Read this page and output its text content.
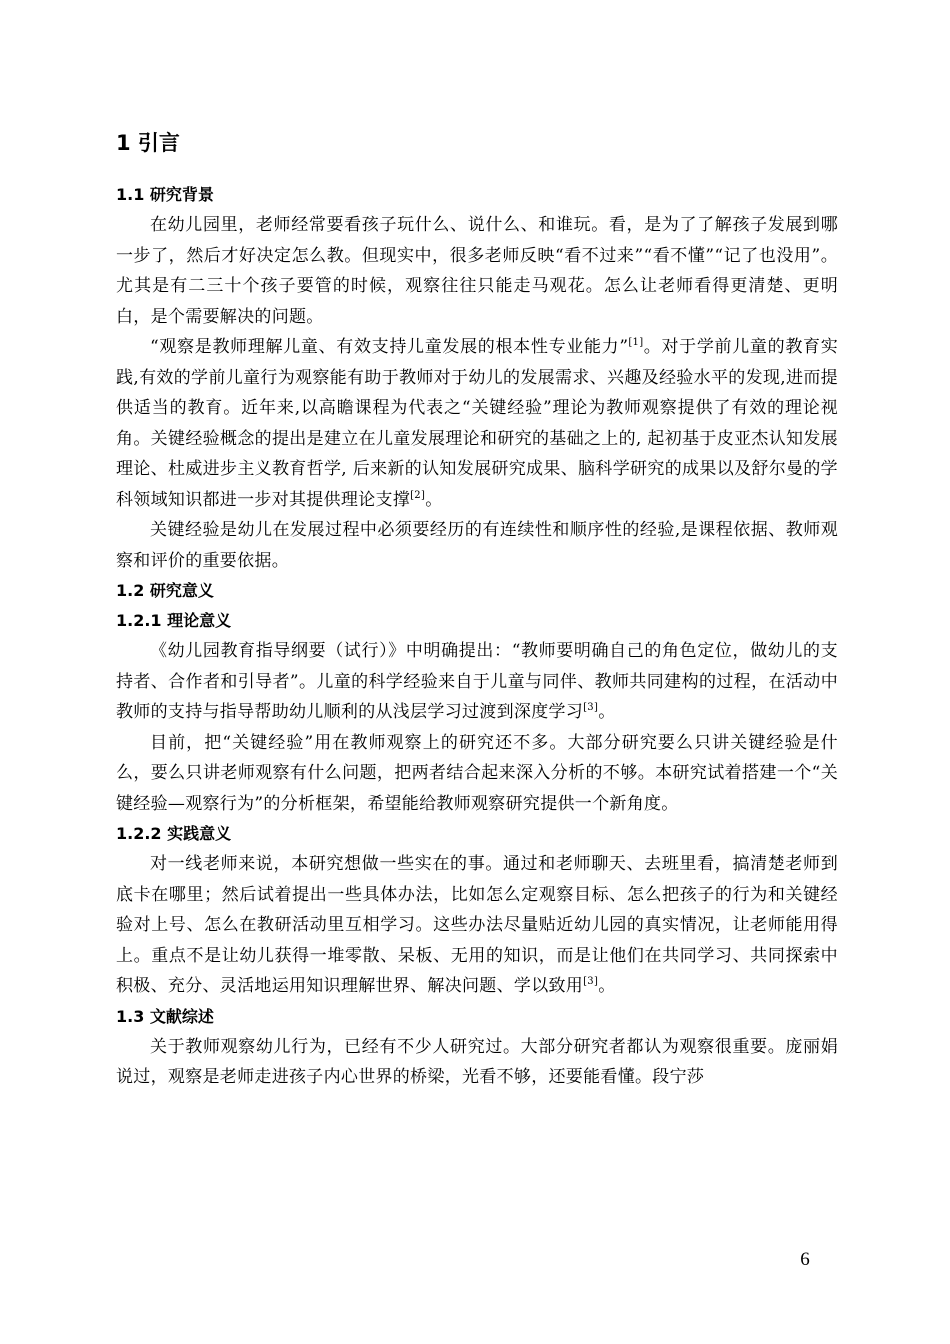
1 引言
1.1 研究背景

在幼儿园里，老师经常要看孩子玩什么、说什么、和谁玩。看，是为了了解孩子发展到哪一步了，然后才好决定怎么教。但现实中，很多老师反映“看不过来”“看不懂”“记了也没用”。尤其是有二三十个孩子要管的时候，观察往往只能走马观花。怎么让老师看得更清楚、更明白，是个需要解决的问题。

“观察是教师理解儿童、有效支持儿童发展的根本性专业能力”[1]。对于学前儿童的教育实践,有效的学前儿童行为观察能有助于教师对于幼儿的发展需求、兴趣及经验水平的发现,进而提供适当的教育。近年来,以高瞻课程为代表之“关键经验”理论为教师观察提供了有效的理论视角。关键经验概念的提出是建立在儿童发展理论和研究的基础之上的, 起初基于皮亚杰认知发展理论、杜威进步主义教育哲学, 后来新的认知发展研究成果、脑科学研究的成果以及舒尔曼的学科领域知识都进一步对其提供理论支撑[2]。

关键经验是幼儿在发展过程中必须要经历的有连续性和顺序性的经验,是课程依据、教师观察和评价的重要依据。

1.2 研究意义
1.2.1 理论意义

《幼儿园教育指导纲要（试行）》中明确提出：“教师要明确自己的角色定位，做幼儿的支持者、合作者和引导者”。儿童的科学经验来自于儿童与同伴、教师共同建构的过程，在活动中教师的支持与指导帮助幼儿顺利的从浅层学习过渡到深度学习[3]。

目前，把“关键经验”用在教师观察上的研究还不多。大部分研究要么只讲关键经验是什么，要么只讲老师观察有什么问题，把两者结合起来深入分析的不够。本研究试着搭建一个“关键经验—观察行为”的分析框架，希望能给教师观察研究提供一个新角度。

1.2.2 实践意义

对一线老师来说，本研究想做一些实在的事。通过和老师聊天、去班里看，搞清楚老师到底卡在哪里；然后试着提出一些具体办法，比如怎么定观察目标、怎么把孩子的行为和关键经验对上号、怎么在教研活动里互相学习。这些办法尽量贴近幼儿园的真实情况，让老师能用得上。重点不是让幼儿获得一堆零散、呆板、无用的知识，而是让他们在共同学习、共同探索中积极、充分、灵活地运用知识理解世界、解决问题、学以致用[3]。

1.3 文献综述

关于教师观察幼儿行为，已经有不少人研究过。大部分研究者都认为观察很重要。庞丽娟说过，观察是老师走进孩子内心世界的桥梁，光看不够，还要能看懂。段宁莎

6
